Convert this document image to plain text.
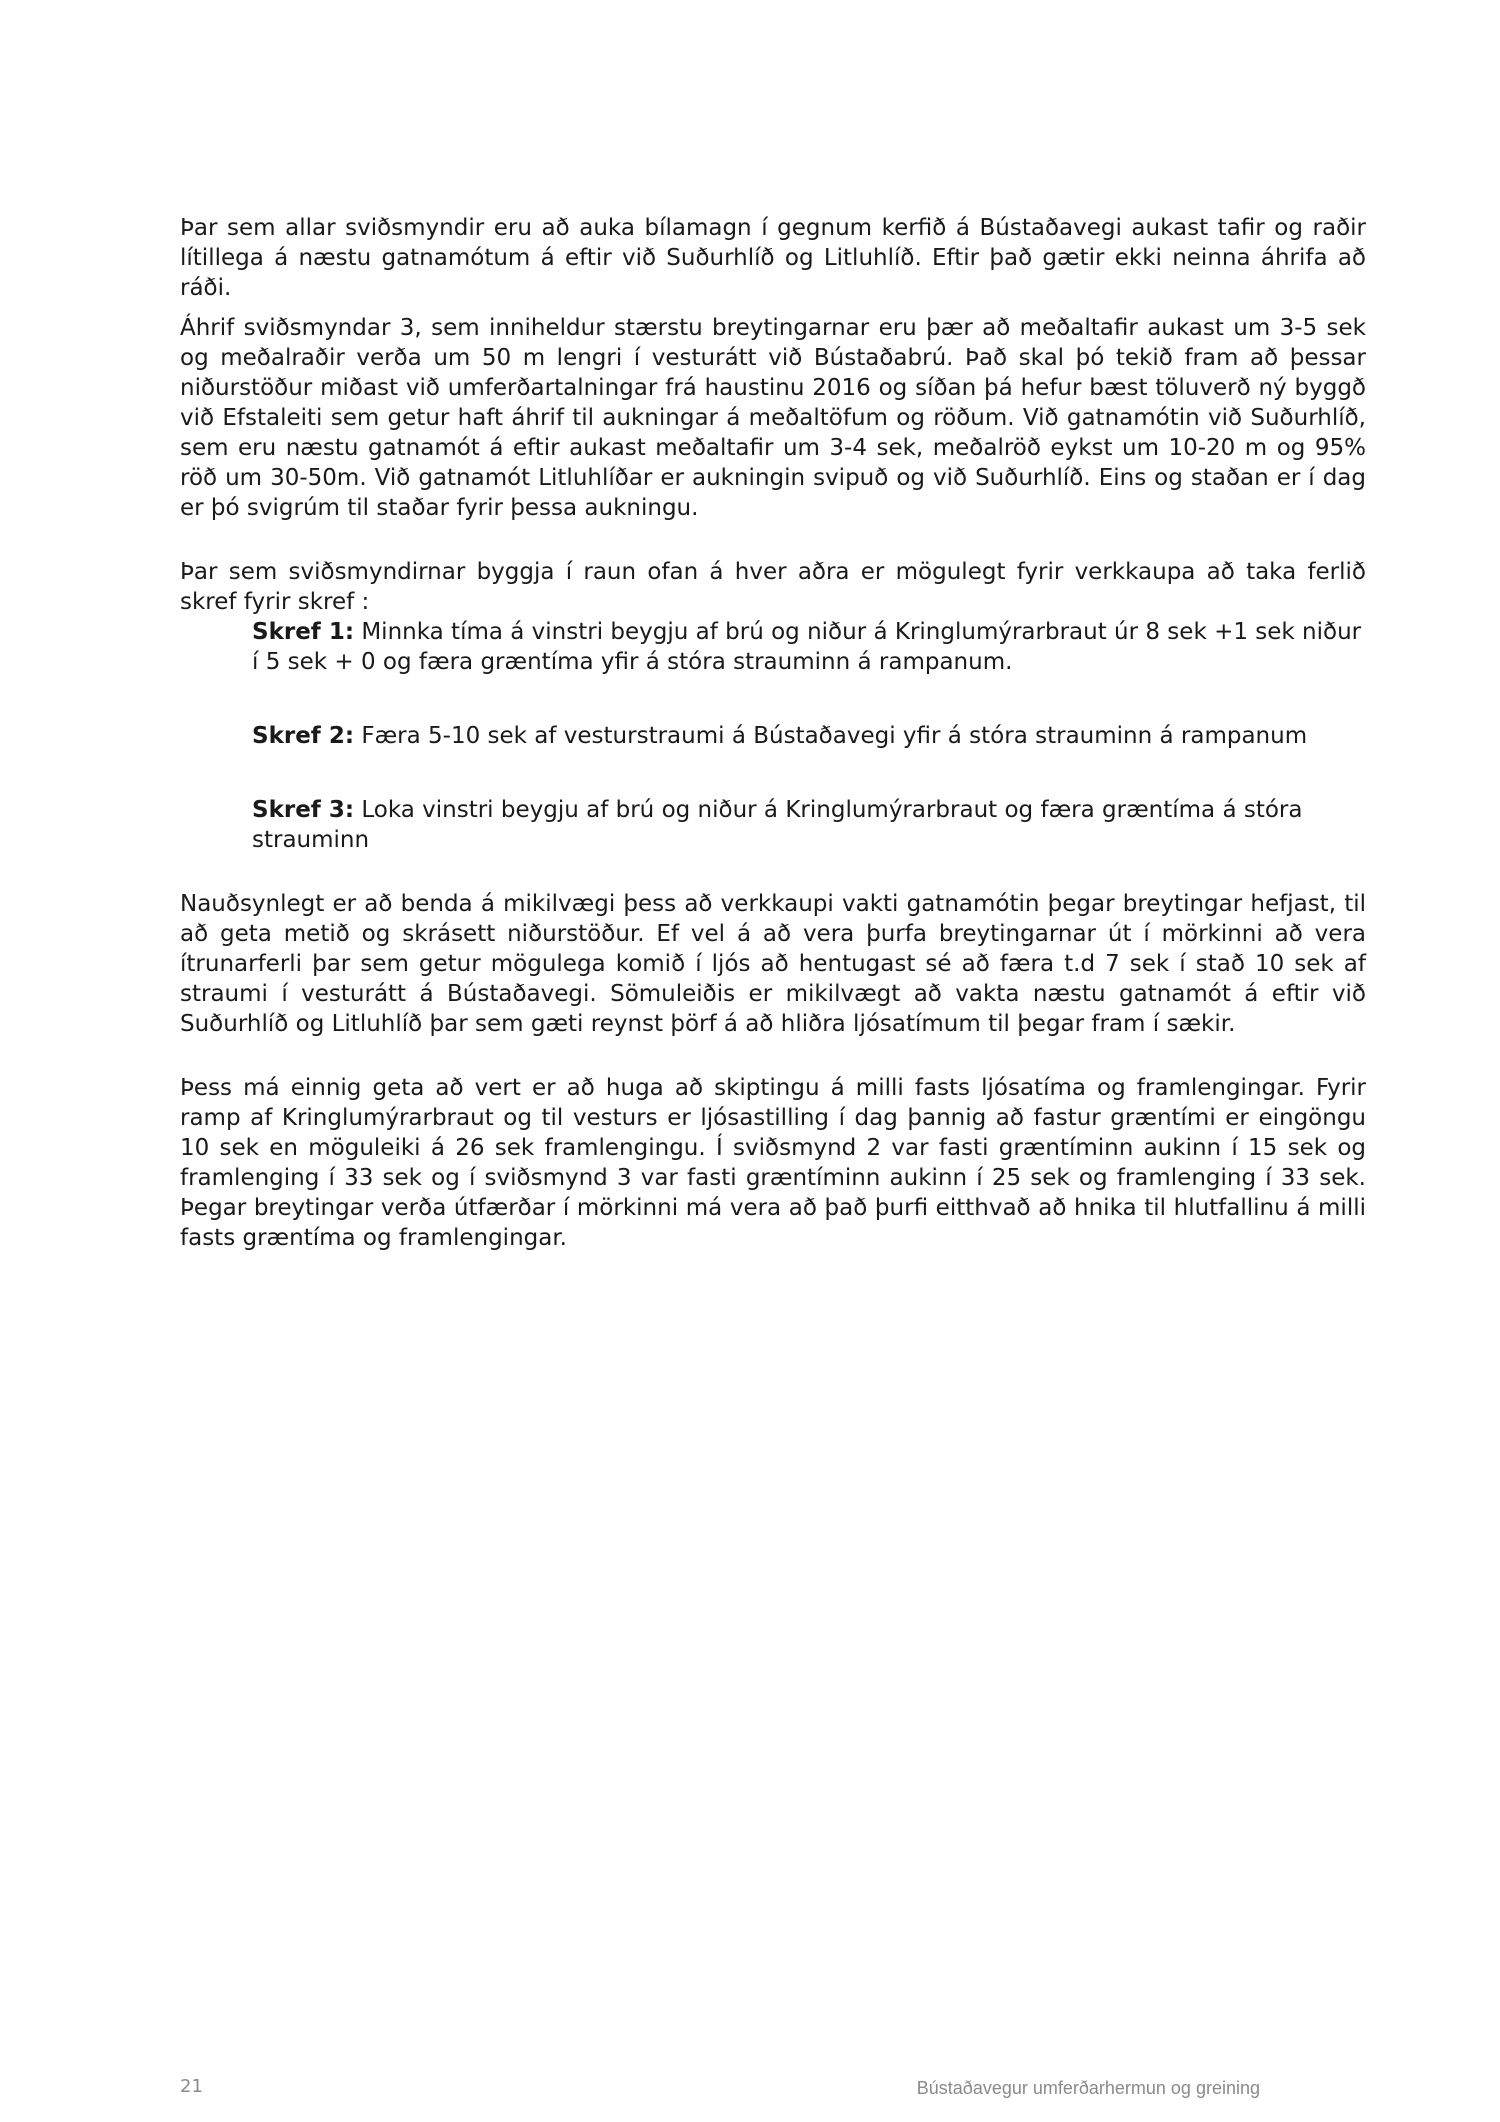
Þar sem allar sviðsmyndir eru að auka bílamagn í gegnum kerfið á Bústaðavegi aukast tafir og raðir lítillega á næstu gatnamótum á eftir við Suðurhlíð og Litluhlíð. Eftir það gætir ekki neinna áhrifa að ráði.

Áhrif sviðsmyndar 3, sem inniheldur stærstu breytingarnar eru þær að meðaltafir aukast um 3-5 sek og meðalraðir verða um 50 m lengri í vesturátt við Bústaðabrú. Það skal þó tekið fram að þessar niðurstöður miðast við umferðartalningar frá haustinu 2016 og síðan þá hefur bæst töluverð ný byggð við Efstaleiti sem getur haft áhrif til aukningar á meðaltöfum og röðum. Við gatnamótin við Suðurhlíð, sem eru næstu gatnamót á eftir aukast meðaltafir um 3-4 sek, meðalröð eykst um 10-20 m og 95% röð um 30-50m. Við gatnamót Litluhlíðar er aukningin svipuð og við Suðurhlíð. Eins og staðan er í dag er þó svigrúm til staðar fyrir þessa aukningu.

Þar sem sviðsmyndirnar byggja í raun ofan á hver aðra er mögulegt fyrir verkkaupa að taka ferlið skref fyrir skref :

Skref 1: Minnka tíma á vinstri beygju af brú og niður á Kringlumýrarbraut úr 8 sek +1 sek niður í 5 sek + 0 og færa græntíma yfir á stóra strauminn á rampanum.
Skref 2: Færa 5-10 sek af vesturstraumi á Bústaðavegi yfir á stóra strauminn á rampanum
Skref 3: Loka vinstri beygju af brú og niður á Kringlumýrarbraut og færa græntíma á stóra strauminn

Nauðsynlegt er að benda á mikilvægi þess að verkkaupi vakti gatnamótin þegar breytingar hefjast, til að geta metið og skrásett niðurstöður. Ef vel á að vera þurfa breytingarnar út í mörkinni að vera ítrunarferli þar sem getur mögulega komið í ljós að hentugast sé að færa t.d 7 sek í stað 10 sek af straumi í vesturátt á Bústaðavegi. Sömuleiðis er mikilvægt að vakta næstu gatnamót á eftir við Suðurhlíð og Litluhlíð þar sem gæti reynst þörf á að hliðra ljósatímum til þegar fram í sækir.

Þess má einnig geta að vert er að huga að skiptingu á milli fasts ljósatíma og framlengingar. Fyrir ramp af Kringlumýrarbraut og til vesturs er ljósastilling í dag þannig að fastur græntími er eingöngu 10 sek en möguleiki á 26 sek framlengingu. Í sviðsmynd 2 var fasti græntíminn aukinn í 15 sek og framlenging í 33 sek og í sviðsmynd 3 var fasti græntíminn aukinn í 25 sek og framlenging í 33 sek. Þegar breytingar verða útfærðar í mörkinni má vera að það þurfi eitthvað að hnika til hlutfallinu á milli fasts græntíma og framlengingar.

21	Bústaðavegur umferðarhermun og greining
